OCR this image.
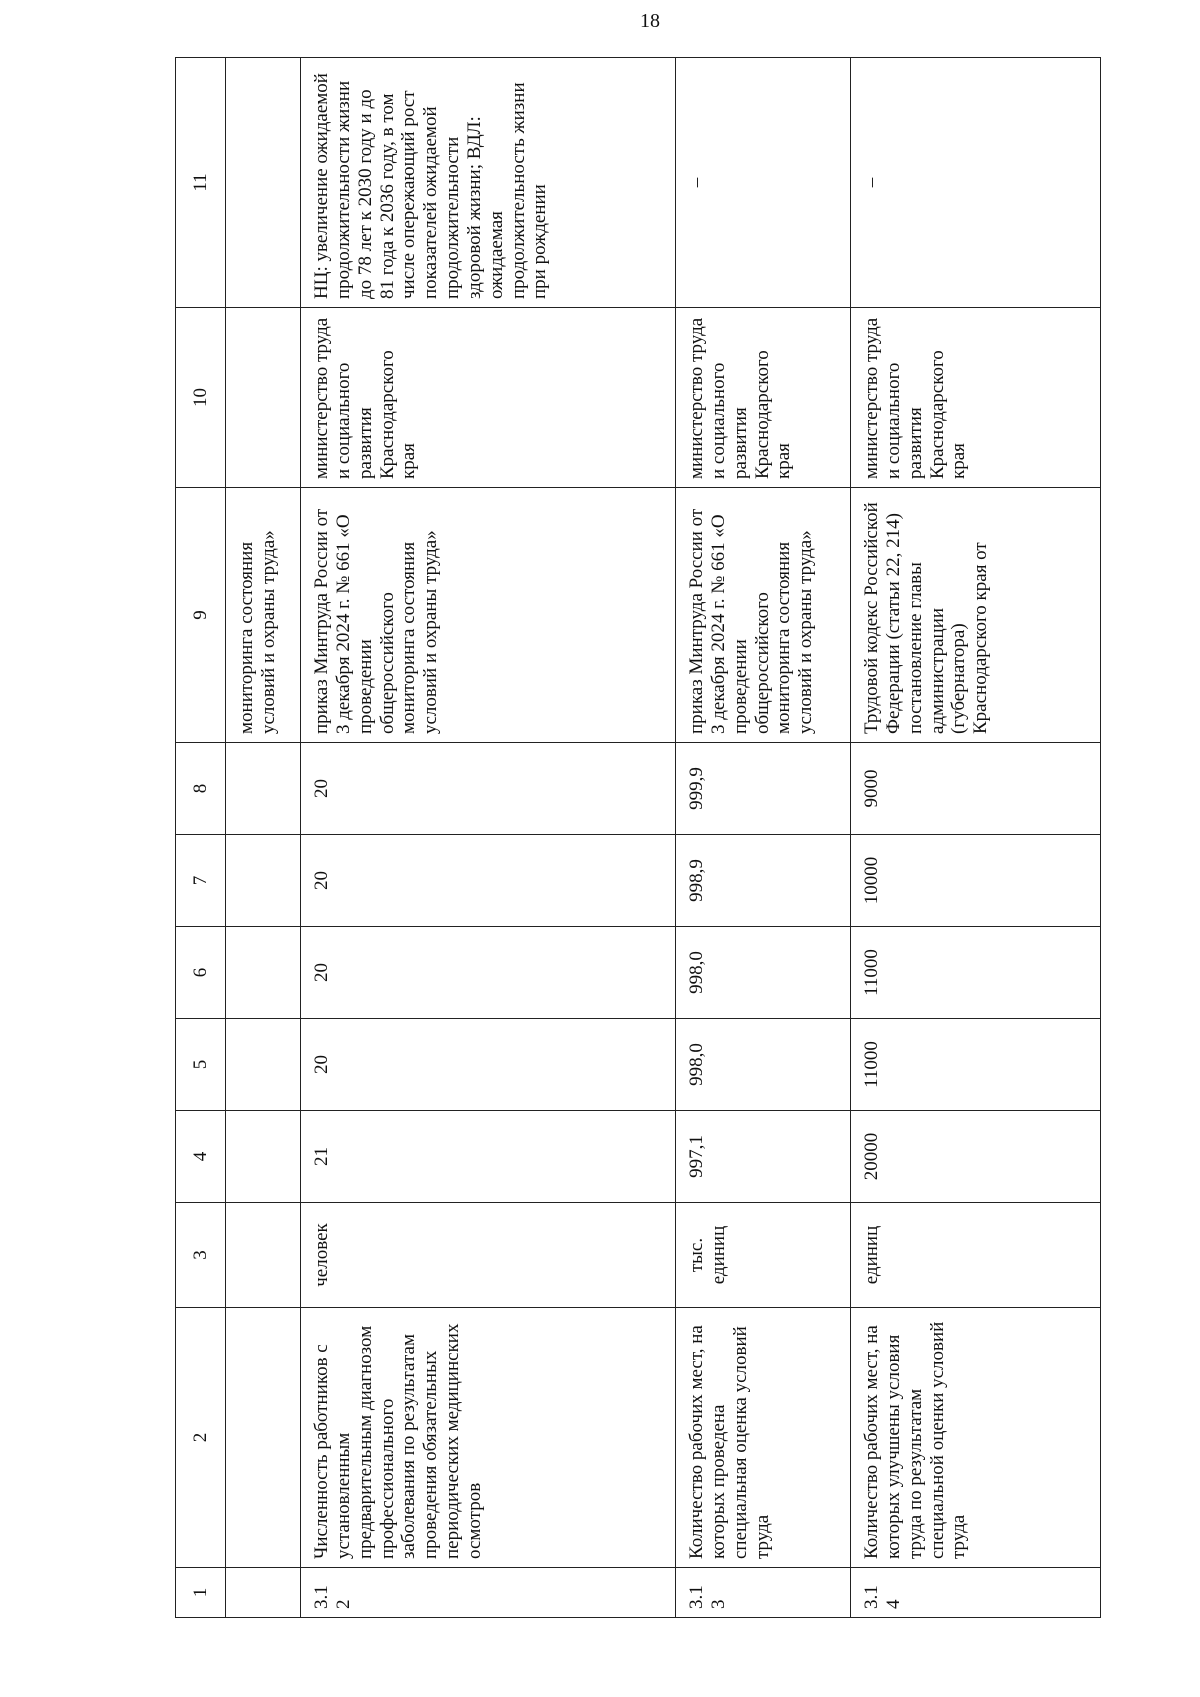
18
1	2	3	4	5	6	7	8	9	10	11
								мониторинга состояния условий и охраны труда»		
3.12	Численность работников с установленным предварительным диагнозом профессионального заболевания по результатам проведения обязательных периодических медицинских осмотров	человек	21	20	20	20	20	приказ Минтруда России от 3 декабря 2024 г. № 661 «О проведении общероссийского мониторинга состояния условий и охраны труда»	министерство труда и социального развития Краснодарского края	НЦ: увеличение ожидаемой продолжительности жизни до 78 лет к 2030 году и до 81 года к 2036 году, в том числе опережающий рост показателей ожидаемой продолжительности здоровой жизни; ВДЛ: ожидаемая продолжительность жизни при рождении
3.13	Количество рабочих мест, на которых проведена специальная оценка условий труда	тыс. единиц	997,1	998,0	998,0	998,9	999,9	приказ Минтруда России от 3 декабря 2024 г. № 661 «О проведении общероссийского мониторинга состояния условий и охраны труда»	министерство труда и социального развития Краснодарского края	–
3.14	Количество рабочих мест, на которых улучшены условия труда по результатам специальной оценки условий труда	единиц	20000	11000	11000	10000	9000	Трудовой кодекс Российской Федерации (статьи 22, 214) постановление главы администрации (губернатора) Краснодарского края от	министерство труда и социального развития Краснодарского края	–
